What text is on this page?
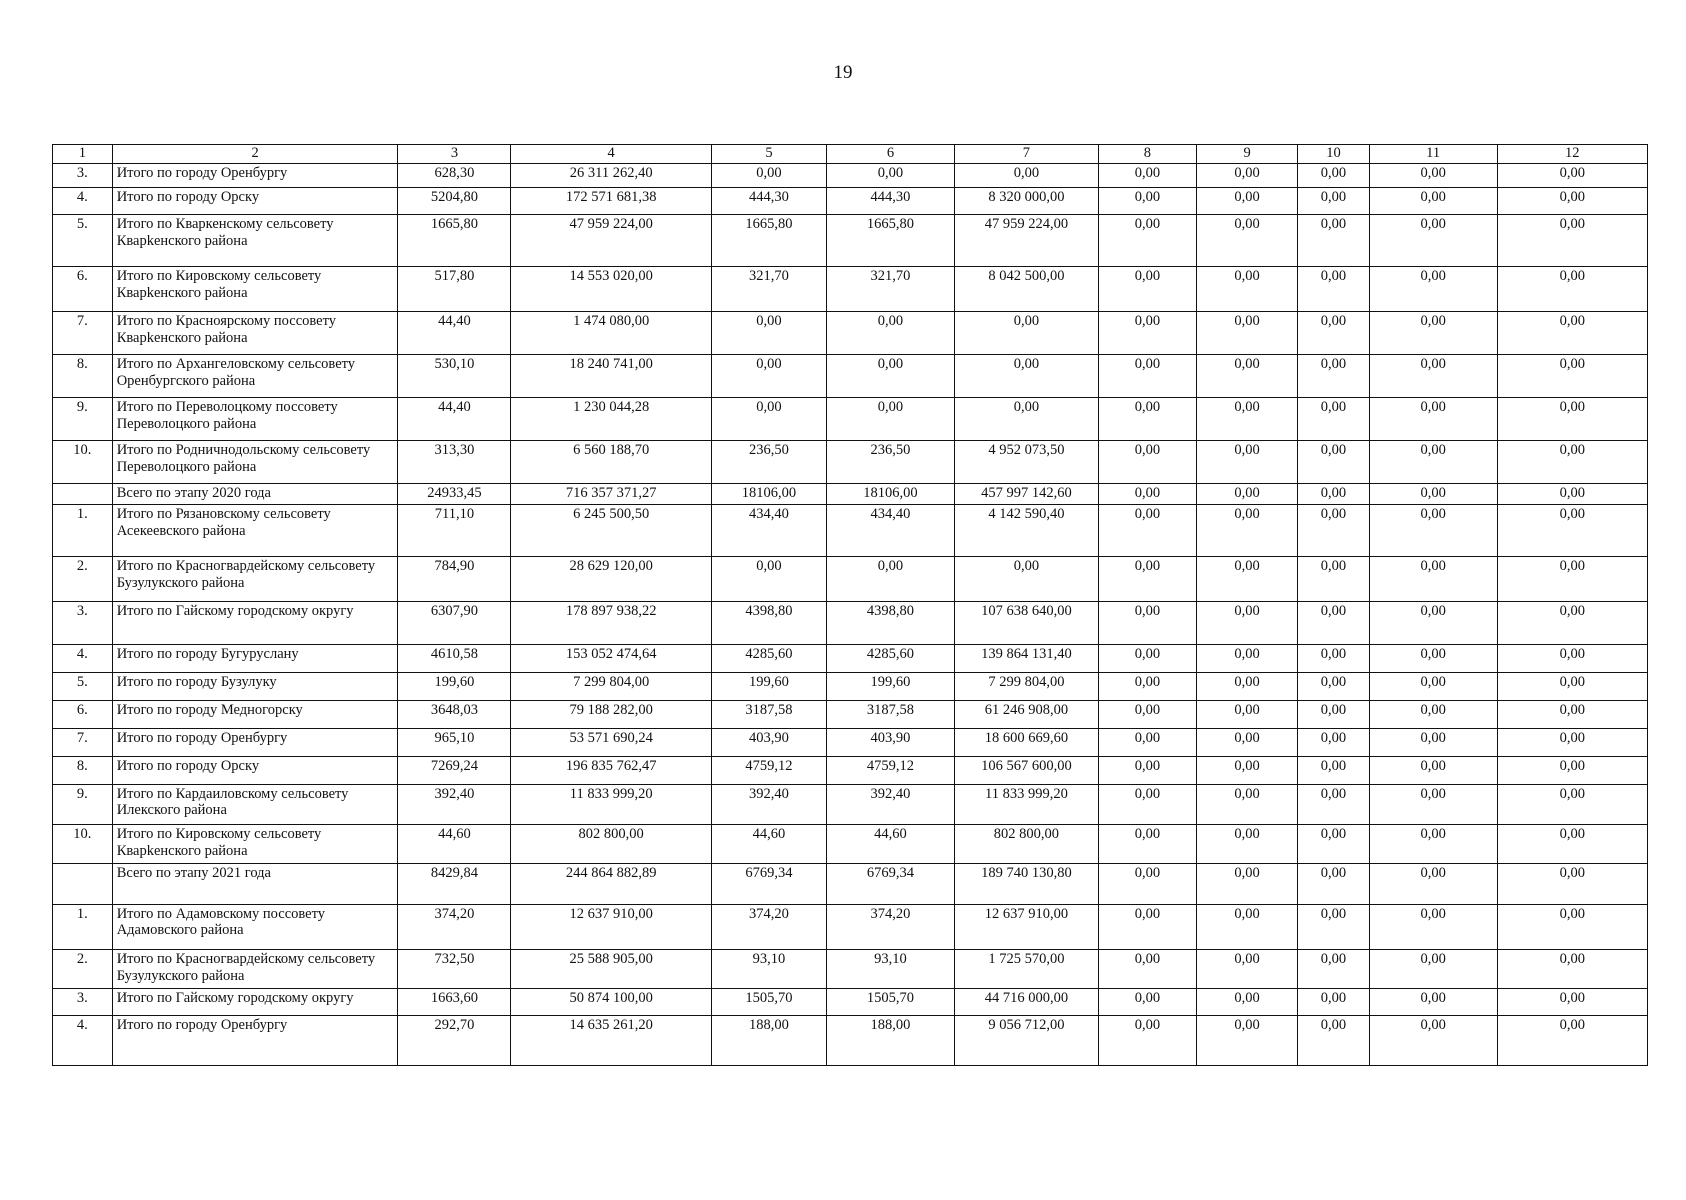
19
1	2	3	4	5	6	7	8	9	10	11	12
3.	Итого по городу Оренбургу	628,30	26 311 262,40	0,00	0,00	0,00	0,00	0,00	0,00	0,00	0,00
4.	Итого по городу Орску	5204,80	172 571 681,38	444,30	444,30	8 320 000,00	0,00	0,00	0,00	0,00	0,00
5.	Итого по Кваркенскому сельсовету Кварkенского района	1665,80	47 959 224,00	1665,80	1665,80	47 959 224,00	0,00	0,00	0,00	0,00	0,00
6.	Итого по Кировскому сельсовету Кварkенского района	517,80	14 553 020,00	321,70	321,70	8 042 500,00	0,00	0,00	0,00	0,00	0,00
7.	Итого по Красноярскому поссовету Кварkенского района	44,40	1 474 080,00	0,00	0,00	0,00	0,00	0,00	0,00	0,00	0,00
8.	Итого по Архангеловскому сельсовету Оренбургского района	530,10	18 240 741,00	0,00	0,00	0,00	0,00	0,00	0,00	0,00	0,00
9.	Итого по Переволоцкому поссовету Переволоцкого района	44,40	1 230 044,28	0,00	0,00	0,00	0,00	0,00	0,00	0,00	0,00
10.	Итого по Родничнодольскому сельсовету Переволоцкого района	313,30	6 560 188,70	236,50	236,50	4 952 073,50	0,00	0,00	0,00	0,00	0,00
	Всего по этапу 2020 года	24933,45	716 357 371,27	18106,00	18106,00	457 997 142,60	0,00	0,00	0,00	0,00	0,00
1.	Итого по Рязановскому сельсовету Асекеевского района	711,10	6 245 500,50	434,40	434,40	4 142 590,40	0,00	0,00	0,00	0,00	0,00
2.	Итого по Красногвардейскому сельсовету Бузулукского района	784,90	28 629 120,00	0,00	0,00	0,00	0,00	0,00	0,00	0,00	0,00
3.	Итого по Гайскому городскому округу	6307,90	178 897 938,22	4398,80	4398,80	107 638 640,00	0,00	0,00	0,00	0,00	0,00
4.	Итого по городу Бугуруслану	4610,58	153 052 474,64	4285,60	4285,60	139 864 131,40	0,00	0,00	0,00	0,00	0,00
5.	Итого по городу Бузулуку	199,60	7 299 804,00	199,60	199,60	7 299 804,00	0,00	0,00	0,00	0,00	0,00
6.	Итого по городу Медногорску	3648,03	79 188 282,00	3187,58	3187,58	61 246 908,00	0,00	0,00	0,00	0,00	0,00
7.	Итого по городу Оренбургу	965,10	53 571 690,24	403,90	403,90	18 600 669,60	0,00	0,00	0,00	0,00	0,00
8.	Итого по городу Орску	7269,24	196 835 762,47	4759,12	4759,12	106 567 600,00	0,00	0,00	0,00	0,00	0,00
9.	Итого по Кардаиловскому сельсовету Илекского района	392,40	11 833 999,20	392,40	392,40	11 833 999,20	0,00	0,00	0,00	0,00	0,00
10.	Итого по Кировскому сельсовету Кварkенского района	44,60	802 800,00	44,60	44,60	802 800,00	0,00	0,00	0,00	0,00	0,00
	Всего по этапу 2021 года	8429,84	244 864 882,89	6769,34	6769,34	189 740 130,80	0,00	0,00	0,00	0,00	0,00
1.	Итого по Адамовскому поссовету Адамовского района	374,20	12 637 910,00	374,20	374,20	12 637 910,00	0,00	0,00	0,00	0,00	0,00
2.	Итого по Красногвардейскому сельсовету Бузулукского района	732,50	25 588 905,00	93,10	93,10	1 725 570,00	0,00	0,00	0,00	0,00	0,00
3.	Итого по Гайскому городскому округу	1663,60	50 874 100,00	1505,70	1505,70	44 716 000,00	0,00	0,00	0,00	0,00	0,00
4.	Итого по городу Оренбургу	292,70	14 635 261,20	188,00	188,00	9 056 712,00	0,00	0,00	0,00	0,00	0,00
